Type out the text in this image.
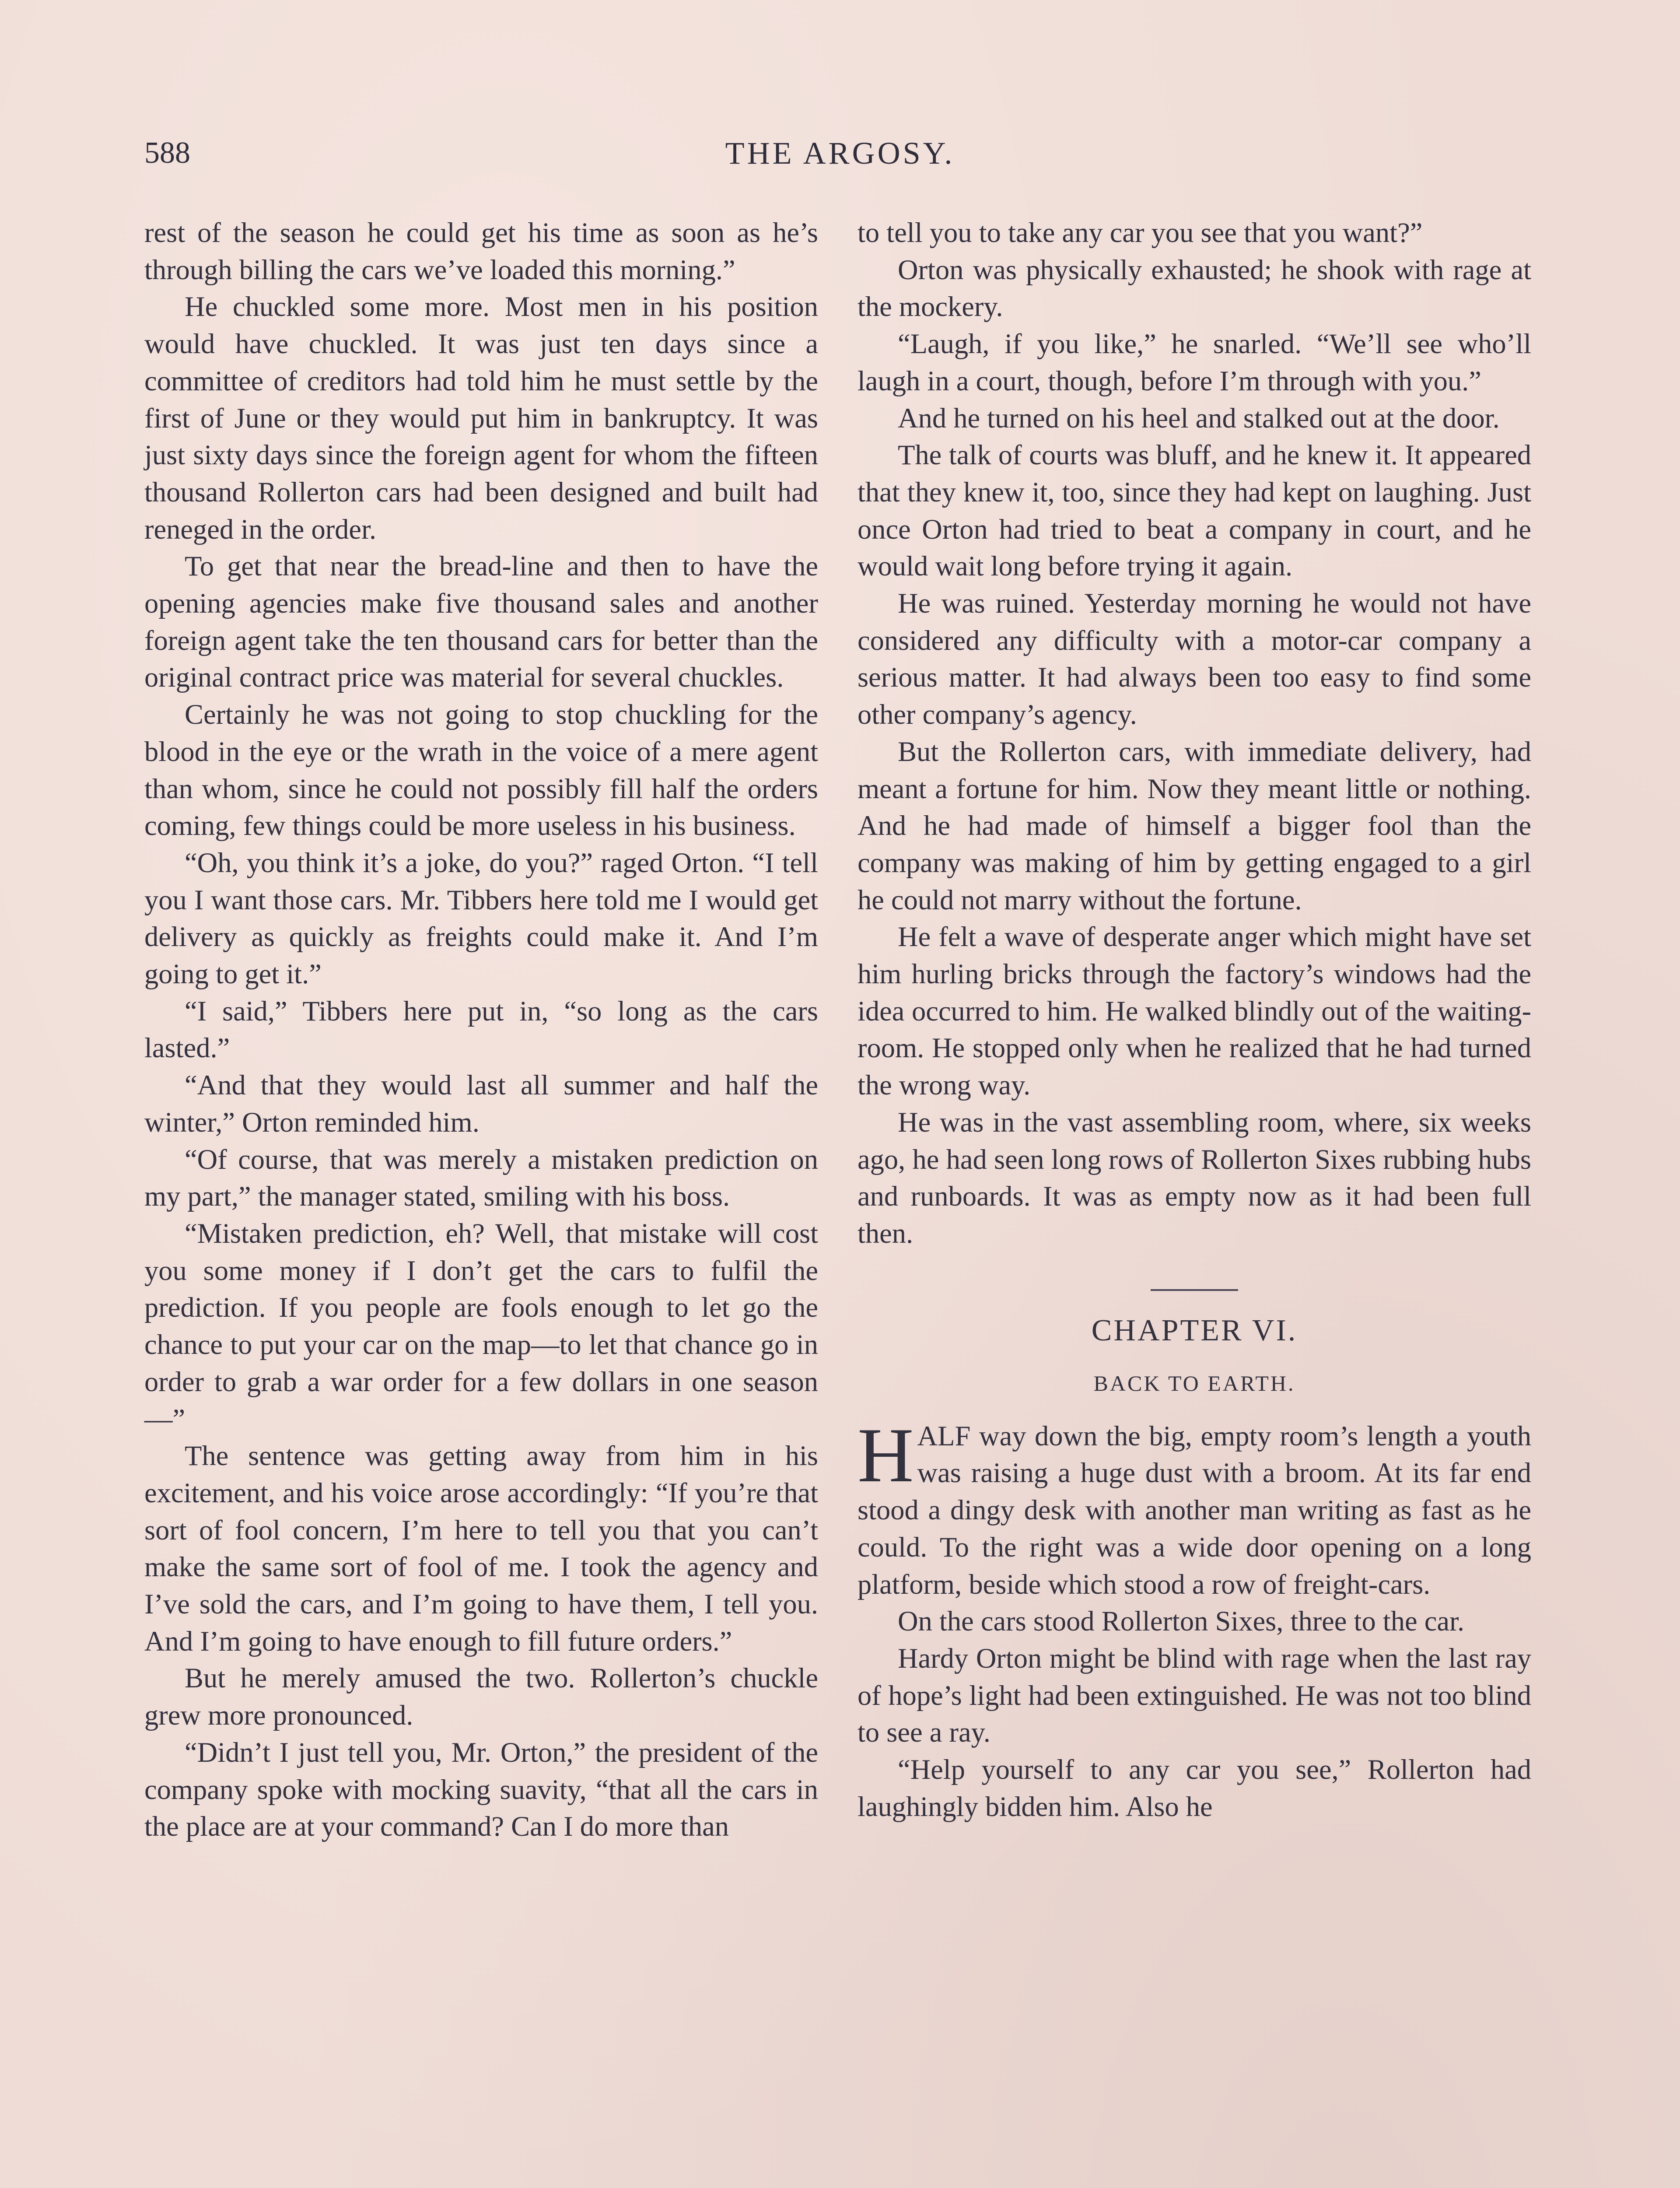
588	THE ARGOSY.

rest of the season he could get his time as soon as he’s through billing the cars we’ve loaded this morning.”

He chuckled some more. Most men in his position would have chuckled. It was just ten days since a committee of creditors had told him he must settle by the first of June or they would put him in bankruptcy. It was just sixty days since the foreign agent for whom the fifteen thousand Rollerton cars had been designed and built had reneged in the order.

To get that near the bread-line and then to have the opening agencies make five thousand sales and another foreign agent take the ten thousand cars for better than the original contract price was material for several chuckles.

Certainly he was not going to stop chuckling for the blood in the eye or the wrath in the voice of a mere agent than whom, since he could not possibly fill half the orders coming, few things could be more useless in his business.

“Oh, you think it’s a joke, do you?” raged Orton. “I tell you I want those cars. Mr. Tibbers here told me I would get delivery as quickly as freights could make it. And I’m going to get it.”

“I said,” Tibbers here put in, “so long as the cars lasted.”

“And that they would last all summer and half the winter,” Orton reminded him.

“Of course, that was merely a mistaken prediction on my part,” the manager stated, smiling with his boss.

“Mistaken prediction, eh? Well, that mistake will cost you some money if I don’t get the cars to fulfil the prediction. If you people are fools enough to let go the chance to put your car on the map—to let that chance go in order to grab a war order for a few dollars in one season—”

The sentence was getting away from him in his excitement, and his voice arose accordingly: “If you’re that sort of fool concern, I’m here to tell you that you can’t make the same sort of fool of me. I took the agency and I’ve sold the cars, and I’m going to have them, I tell you. And I’m going to have enough to fill future orders.”

But he merely amused the two. Rollerton’s chuckle grew more pronounced.

“Didn’t I just tell you, Mr. Orton,” the president of the company spoke with mocking suavity, “that all the cars in the place are at your command? Can I do more than

to tell you to take any car you see that you want?”

Orton was physically exhausted; he shook with rage at the mockery.

“Laugh, if you like,” he snarled. “We’ll see who’ll laugh in a court, though, before I’m through with you.”

And he turned on his heel and stalked out at the door.

The talk of courts was bluff, and he knew it. It appeared that they knew it, too, since they had kept on laughing. Just once Orton had tried to beat a company in court, and he would wait long before trying it again.

He was ruined. Yesterday morning he would not have considered any difficulty with a motor-car company a serious matter. It had always been too easy to find some other company’s agency.

But the Rollerton cars, with immediate delivery, had meant a fortune for him. Now they meant little or nothing. And he had made of himself a bigger fool than the company was making of him by getting engaged to a girl he could not marry without the fortune.

He felt a wave of desperate anger which might have set him hurling bricks through the factory’s windows had the idea occurred to him. He walked blindly out of the waiting-room. He stopped only when he realized that he had turned the wrong way.

He was in the vast assembling room, where, six weeks ago, he had seen long rows of Rollerton Sixes rubbing hubs and runboards. It was as empty now as it had been full then.

CHAPTER VI.

BACK TO EARTH.

HALF way down the big, empty room’s length a youth was raising a huge dust with a broom. At its far end stood a dingy desk with another man writing as fast as he could. To the right was a wide door opening on a long platform, beside which stood a row of freight-cars.

On the cars stood Rollerton Sixes, three to the car.

Hardy Orton might be blind with rage when the last ray of hope’s light had been extinguished. He was not too blind to see a ray.

“Help yourself to any car you see,” Rollerton had laughingly bidden him. Also he
